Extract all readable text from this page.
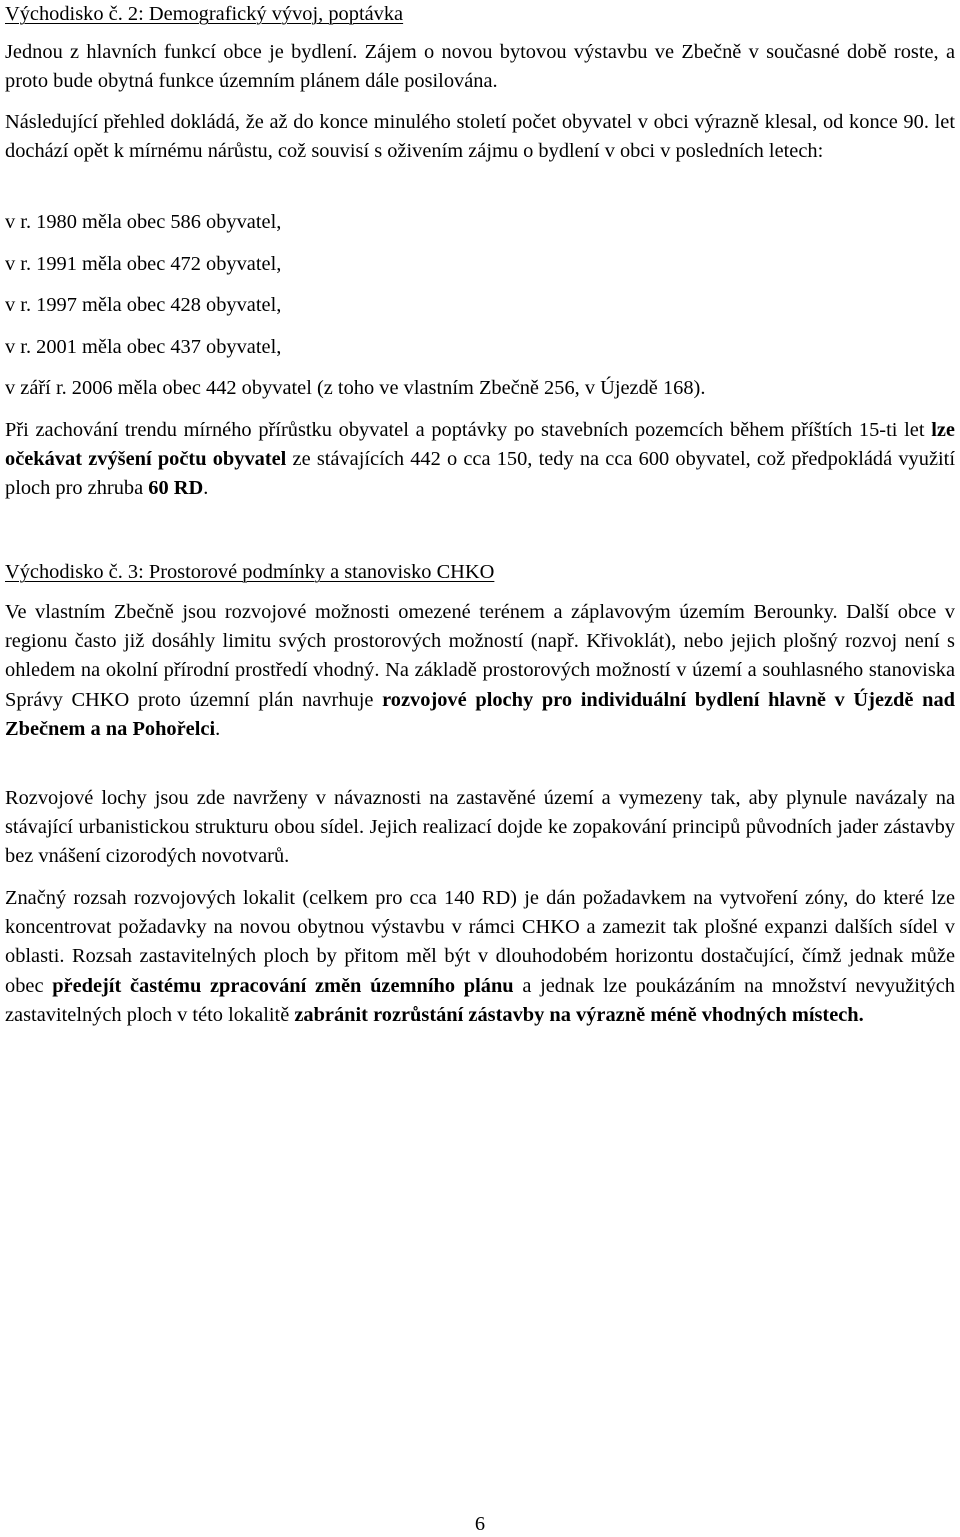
Východisko č. 2: Demografický vývoj, poptávka

Jednou z hlavních funkcí obce je bydlení. Zájem o novou bytovou výstavbu ve Zbečně v současné době roste, a proto bude obytná funkce územním plánem dále posilována.

Následující přehled dokládá, že až do konce minulého století počet obyvatel v obci výrazně klesal, od konce 90. let dochází opět k mírnému nárůstu, což souvisí s oživením zájmu o bydlení v obci v posledních letech:

v r. 1980 měla obec 586 obyvatel,

v r. 1991 měla obec 472 obyvatel,

v r. 1997 měla obec 428 obyvatel,

v r. 2001 měla obec 437 obyvatel,

v září r. 2006 měla obec 442 obyvatel (z toho ve vlastním Zbečně 256, v Újezdě 168).

Při zachování trendu mírného přírůstku obyvatel a poptávky po stavebních pozemcích během příštích 15-ti let lze očekávat zvýšení počtu obyvatel ze stávajících 442 o cca 150, tedy na cca 600 obyvatel, což předpokládá využití ploch pro zhruba 60 RD.

Východisko č. 3: Prostorové podmínky a stanovisko CHKO

Ve vlastním Zbečně jsou rozvojové možnosti omezené terénem a záplavovým územím Berounky. Další obce v regionu často již dosáhly limitu svých prostorových možností (např. Křivoklát), nebo jejich plošný rozvoj není s ohledem na okolní přírodní prostředí vhodný. Na základě prostorových možností v území a souhlasného stanoviska Správy CHKO proto územní plán navrhuje rozvojové plochy pro individuální bydlení hlavně v Újezdě nad Zbečnem a na Pohořelci.

Rozvojové lochy jsou zde navrženy v návaznosti na zastavěné území a vymezeny tak, aby plynule navázaly na stávající urbanistickou strukturu obou sídel. Jejich realizací dojde ke zopakování principů původních jader zástavby bez vnášení cizorodých novotvarů.

Značný rozsah rozvojových lokalit (celkem pro cca 140 RD) je dán požadavkem na vytvoření zóny, do které lze koncentrovat požadavky na novou obytnou výstavbu v rámci CHKO a zamezit tak plošné expanzi dalších sídel v oblasti. Rozsah zastavitelných ploch by přitom měl být v dlouhodobém horizontu dostačující, čímž jednak může obec předejít častému zpracování změn územního plánu a jednak lze poukázáním na množství nevyužitých zastavitelných ploch v této lokalitě zabránit rozrůstání zástavby na výrazně méně vhodných místech.

6
